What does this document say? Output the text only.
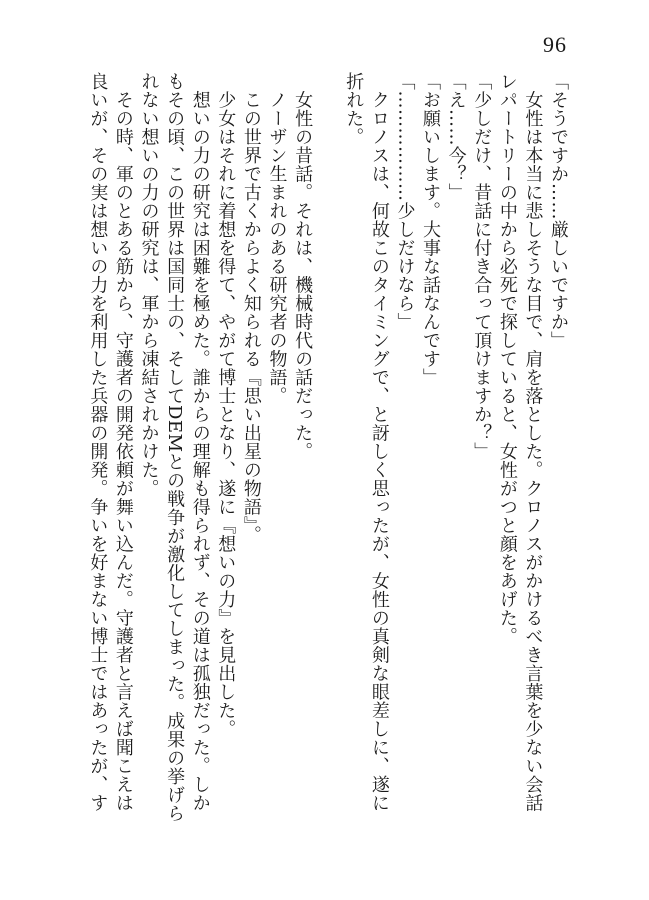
96
「そうですか……厳しいですか」
　女性は本当に悲しそうな目で、肩を落とした。クロノスがかけるべき言葉を少ない会話
レパートリーの中から必死で探していると、女性がつと顔をあげた。
「少しだけ、昔話に付き合って頂けますか？」
「え……今？」
「お願いします。大事な話なんです」
「………………少しだけなら」
　クロノスは、何故このタイミングで、と訝しく思ったが、女性の真剣な眼差しに、遂に
折れた。
　女性の昔話。それは、機械時代の話だった。
　ノーザン生まれのある研究者の物語。
　この世界で古くからよく知られる『思い出星の物語』。
　少女はそれに着想を得て、やがて博士となり、遂に『想いの力』を見出した。
　想いの力の研究は困難を極めた。誰からの理解も得られず、その道は孤独だった。しか
もその頃、この世界は国同士の、そしてDEMとの戦争が激化してしまった。成果の挙げら
れない想いの力の研究は、軍から凍結されかけた。
　その時、軍のとある筋から、守護者の開発依頼が舞い込んだ。守護者と言えば聞こえは
良いが、その実は想いの力を利用した兵器の開発。争いを好まない博士ではあったが、す
